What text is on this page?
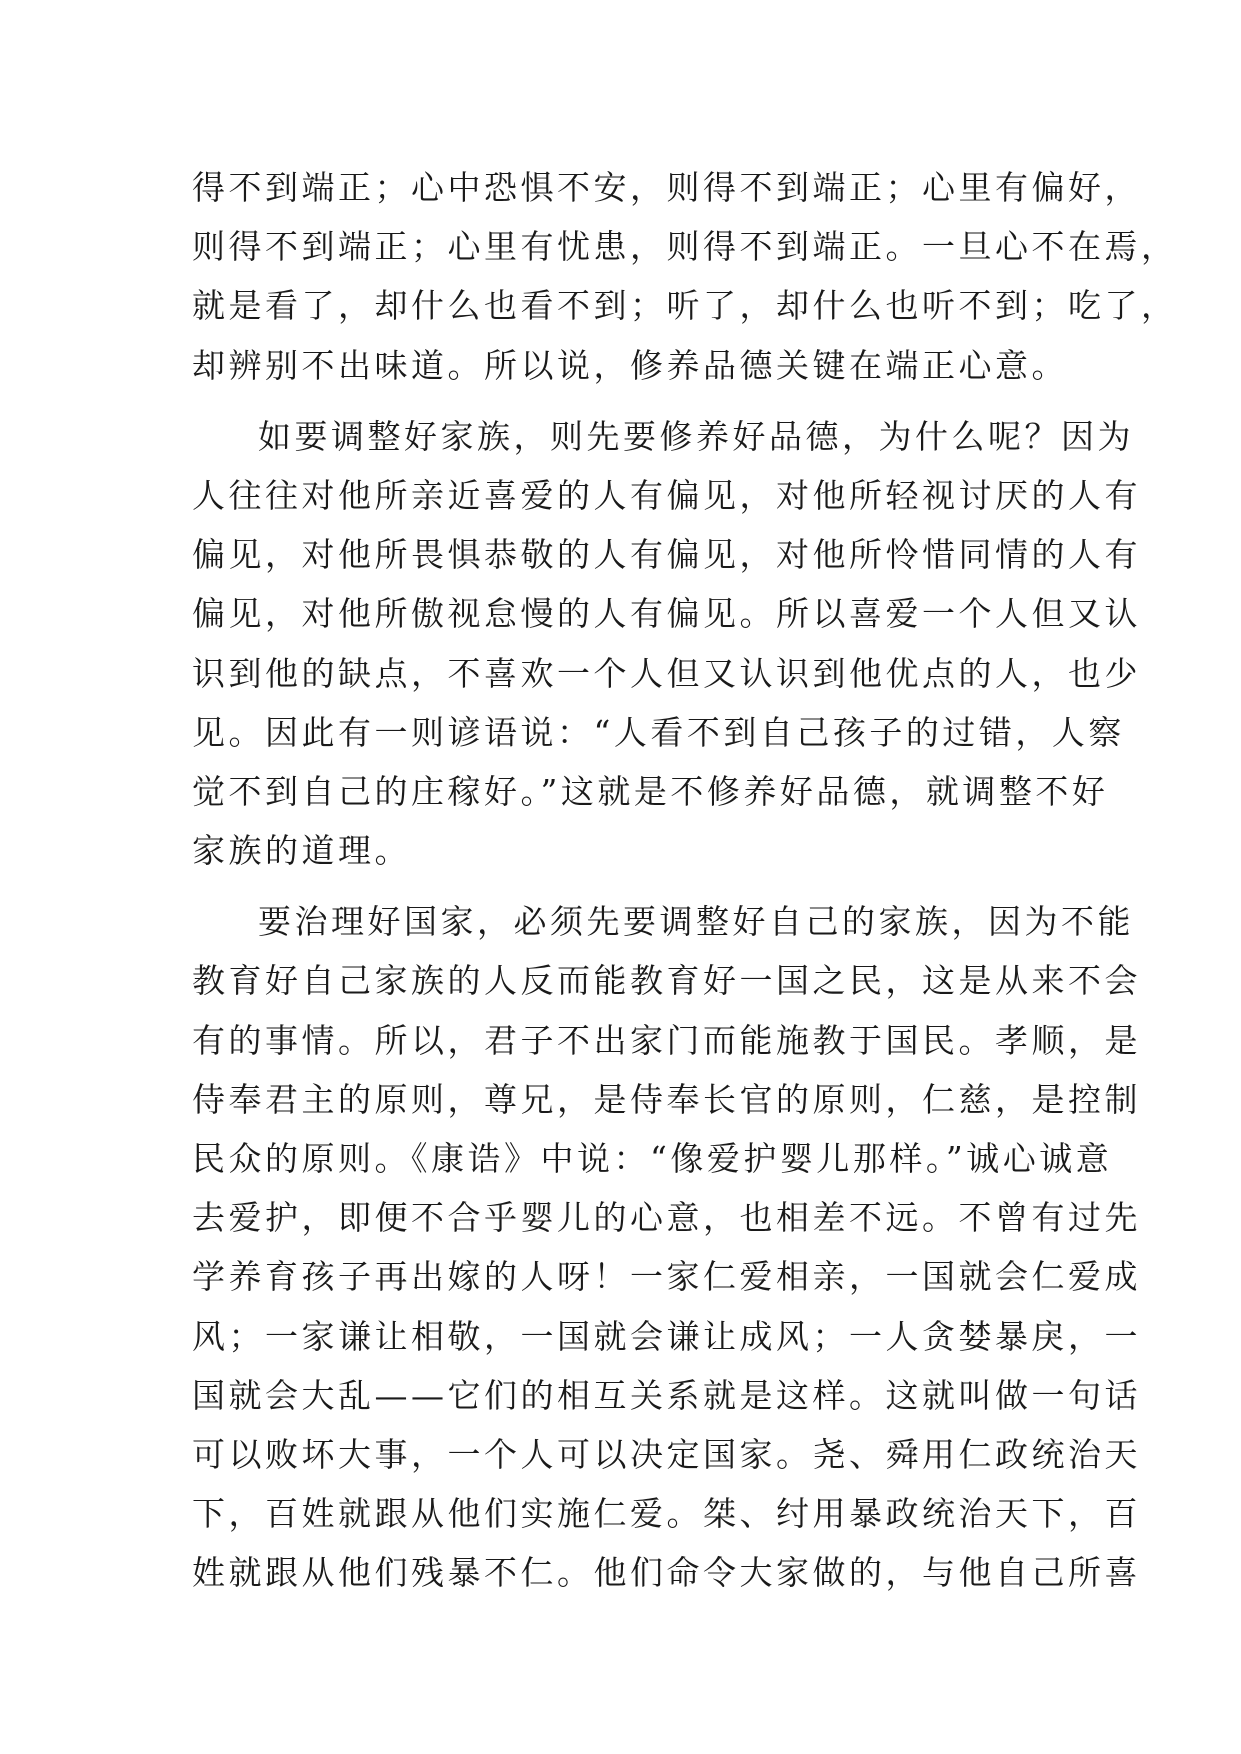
得不到端正；心中恐惧不安，则得不到端正；心里有偏好，
则得不到端正；心里有忧患，则得不到端正。一旦心不在焉，
就是看了，却什么也看不到；听了，却什么也听不到；吃了，
却辨别不出味道。所以说，修养品德关键在端正心意。
如要调整好家族，则先要修养好品德，为什么呢？因为
人往往对他所亲近喜爱的人有偏见，对他所轻视讨厌的人有
偏见，对他所畏惧恭敬的人有偏见，对他所怜惜同情的人有
偏见，对他所傲视怠慢的人有偏见。所以喜爱一个人但又认
识到他的缺点，不喜欢一个人但又认识到他优点的人，也少
见。因此有一则谚语说：“人看不到自己孩子的过错，人察
觉不到自己的庄稼好。”这就是不修养好品德，就调整不好
家族的道理。
要治理好国家，必须先要调整好自己的家族，因为不能
教育好自己家族的人反而能教育好一国之民，这是从来不会
有的事情。所以，君子不出家门而能施教于国民。孝顺，是
侍奉君主的原则，尊兄，是侍奉长官的原则，仁慈，是控制
民众的原则。《康诰》中说：“像爱护婴儿那样。”诚心诚意
去爱护，即便不合乎婴儿的心意，也相差不远。不曾有过先
学养育孩子再出嫁的人呀！一家仁爱相亲，一国就会仁爱成
风；一家谦让相敬，一国就会谦让成风；一人贪婪暴戾，一
国就会大乱——它们的相互关系就是这样。这就叫做一句话
可以败坏大事，一个人可以决定国家。尧、舜用仁政统治天
下，百姓就跟从他们实施仁爱。桀、纣用暴政统治天下，百
姓就跟从他们残暴不仁。他们命令大家做的，与他自己所喜
